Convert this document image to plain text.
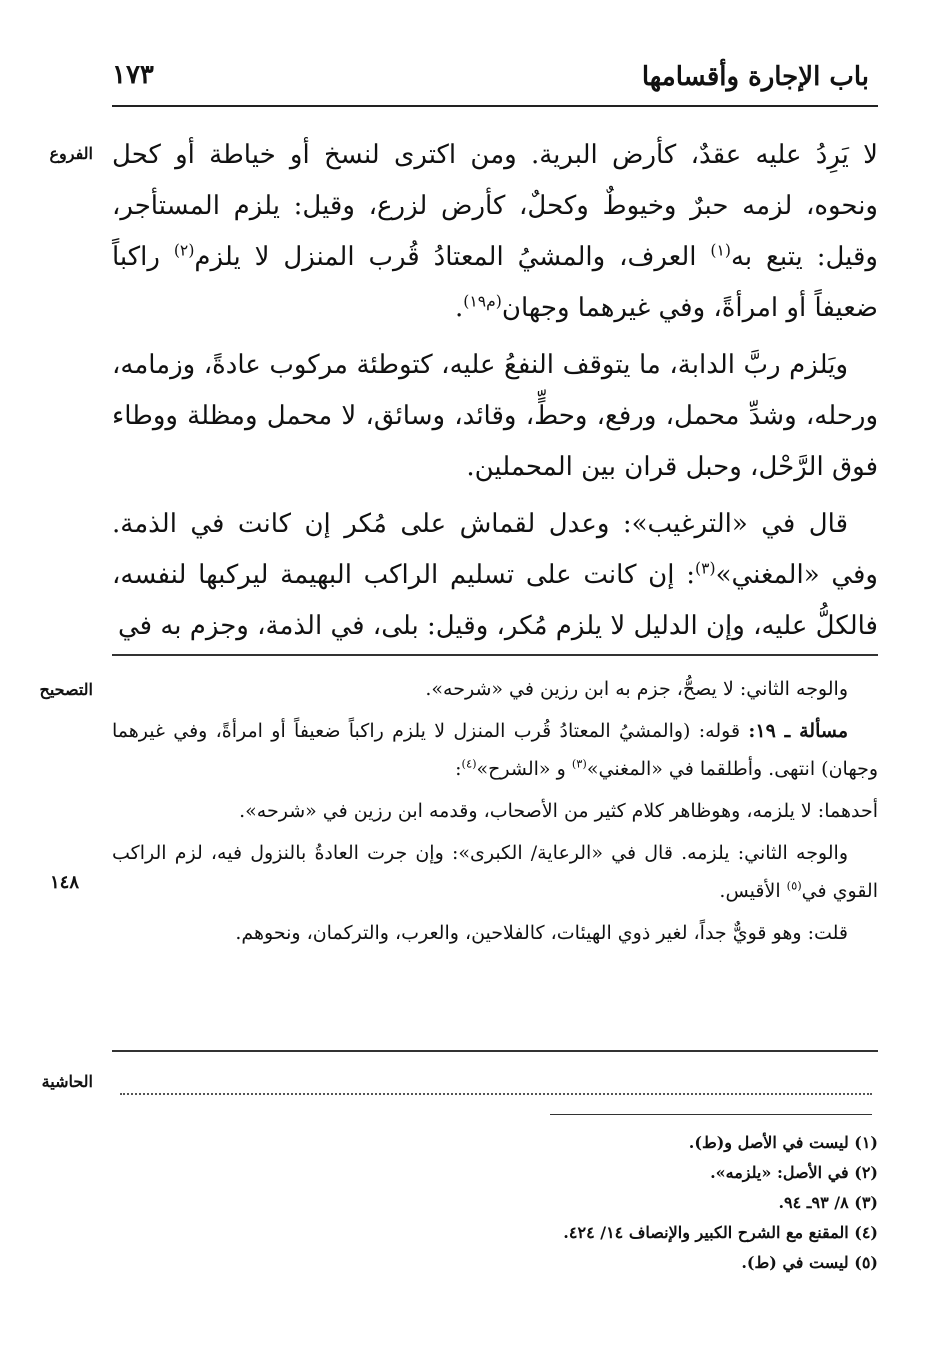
باب الإجارة وأقسامها
١٧٣
الفروع لا يَرِدُ عليه عقدٌ، كأرض البرية. ومن اكترى لنسخ أو خياطة أو كحل ونحوه، لزمه حبرٌ وخيوطٌ وكحلٌ، كأرض لزرع، وقيل: يلزم المستأجر، وقيل: يتبع به$^{(١)}$ العرف، والمشيُ المعتادُ قُرب المنزل لا يلزم$^{(٢)}$ راكباً ضعيفاً أو امرأةً، وفي غيرهما وجهان$^{(م١٩)}$.

ويَلزم ربَّ الدابة، ما يتوقف النفعُ عليه، كتوطئة مركوب عادةً، وزمامه، ورحله، وشدِّ محمل، ورفع، وحطٍّ، وقائد، وسائق، لا محمل ومظلة ووطاء فوق الرَّحْل، وحبل قران بين المحملين.

قال في «الترغيب»: وعدل لقماش على مُكر إن كانت في الذمة. وفي «المغني»$^{(٣)}$: إن كانت على تسليم الراكب البهيمة ليركبها لنفسه، فالكلُّ عليه، وإن الدليل لا يلزم مُكر، وقيل: بلى، في الذمة، وجزم به في

التصحيح	والوجه الثاني: لا يصحُّ، جزم به ابن رزين في «شرحه».

مسألة ـ ١٩: قوله: (والمشيُ المعتادُ قُرب المنزل لا يلزم راكباً ضعيفاً أو امرأةً، وفي غيرهما وجهان) انتهى. وأطلقما في «المغني»$^{(٣)}$ و «الشرح»$^{(٤)}$:

أحدهما: لا يلزمه، وهوظاهر كلام كثير من الأصحاب، وقدمه ابن رزين في «شرحه».

والوجه الثاني: يلزمه. قال في «الرعاية/ الكبرى»: وإن جرت العادةُ بالنزول فيه، لزم الراكب القوي في$^{(٥)}$ الأقيس.

قلت: وهو قويٌّ جداً، لغير ذوي الهيئات، كالفلاحين، والعرب، والتركمان، ونحوهم.

١٤٨
الحاشية
(١) ليست في الأصل و(ط).
(٢) في الأصل: «يلزمه».
(٣) ٨/ ٩٣ـ ٩٤.
(٤) المقنع مع الشرح الكبير والإنصاف ١٤/ ٤٢٤.
(٥) ليست في (ط).
